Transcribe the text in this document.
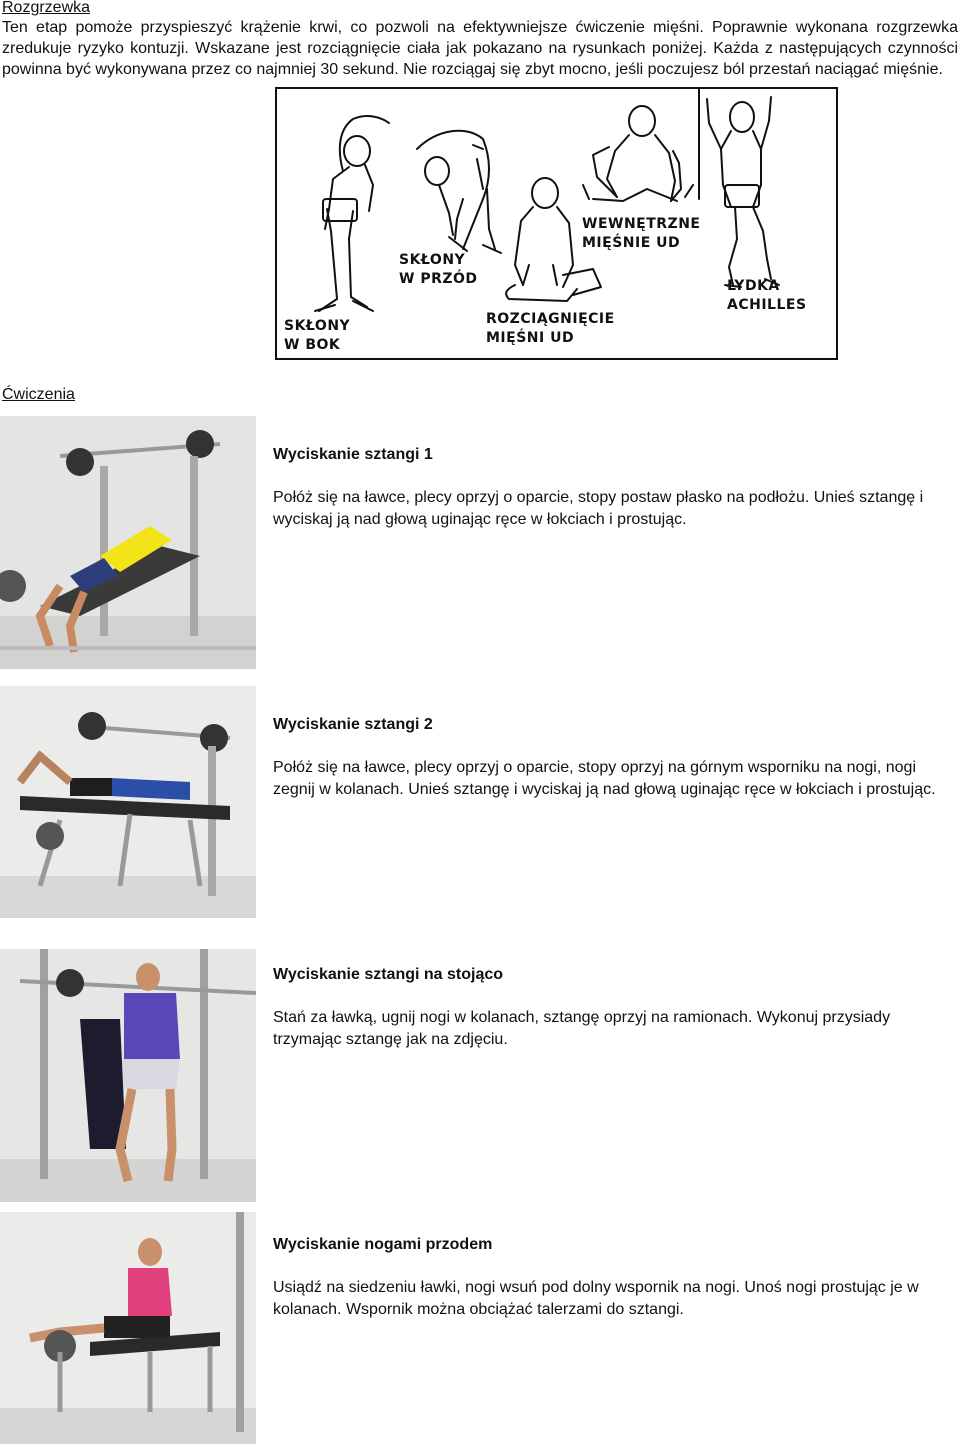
Rozgrzewka
Ten etap pomoże przyspieszyć krążenie krwi, co pozwoli na efektywniejsze ćwiczenie mięśni. Poprawnie wykonana rozgrzewka zredukuje ryzyko kontuzji. Wskazane jest rozciągnięcie ciała jak pokazano na rysunkach poniżej. Każda z następujących czynności powinna być wykonywana przez co najmniej 30 sekund. Nie rozciągaj się zbyt mocno, jeśli poczujesz ból przestań naciągać mięśnie.
SKŁONY
W BOK
SKŁONY
W PRZÓD
ROZCIĄGNIĘCIE
MIĘŚNI UD
WEWNĘTRZNE
MIĘŚNIE UD
ŁYDKA
ACHILLES
Ćwiczenia
Wyciskanie sztangi 1
Połóż się na ławce, plecy oprzyj o oparcie, stopy postaw płasko na podłożu. Unieś sztangę i wyciskaj ją nad głową uginając ręce w łokciach i prostując.
Wyciskanie sztangi 2
Połóż się na ławce, plecy oprzyj o oparcie, stopy oprzyj na górnym wsporniku na nogi, nogi zegnij w kolanach. Unieś sztangę i wyciskaj ją nad głową uginając ręce w łokciach i prostując.
Wyciskanie sztangi na stojąco
Stań za ławką, ugnij nogi w kolanach, sztangę oprzyj na ramionach. Wykonuj przysiady trzymając sztangę jak na zdjęciu.
Wyciskanie nogami przodem
Usiądź na siedzeniu ławki, nogi wsuń pod dolny wspornik na nogi. Unoś nogi prostując je w kolanach. Wspornik można obciążać talerzami do sztangi.
